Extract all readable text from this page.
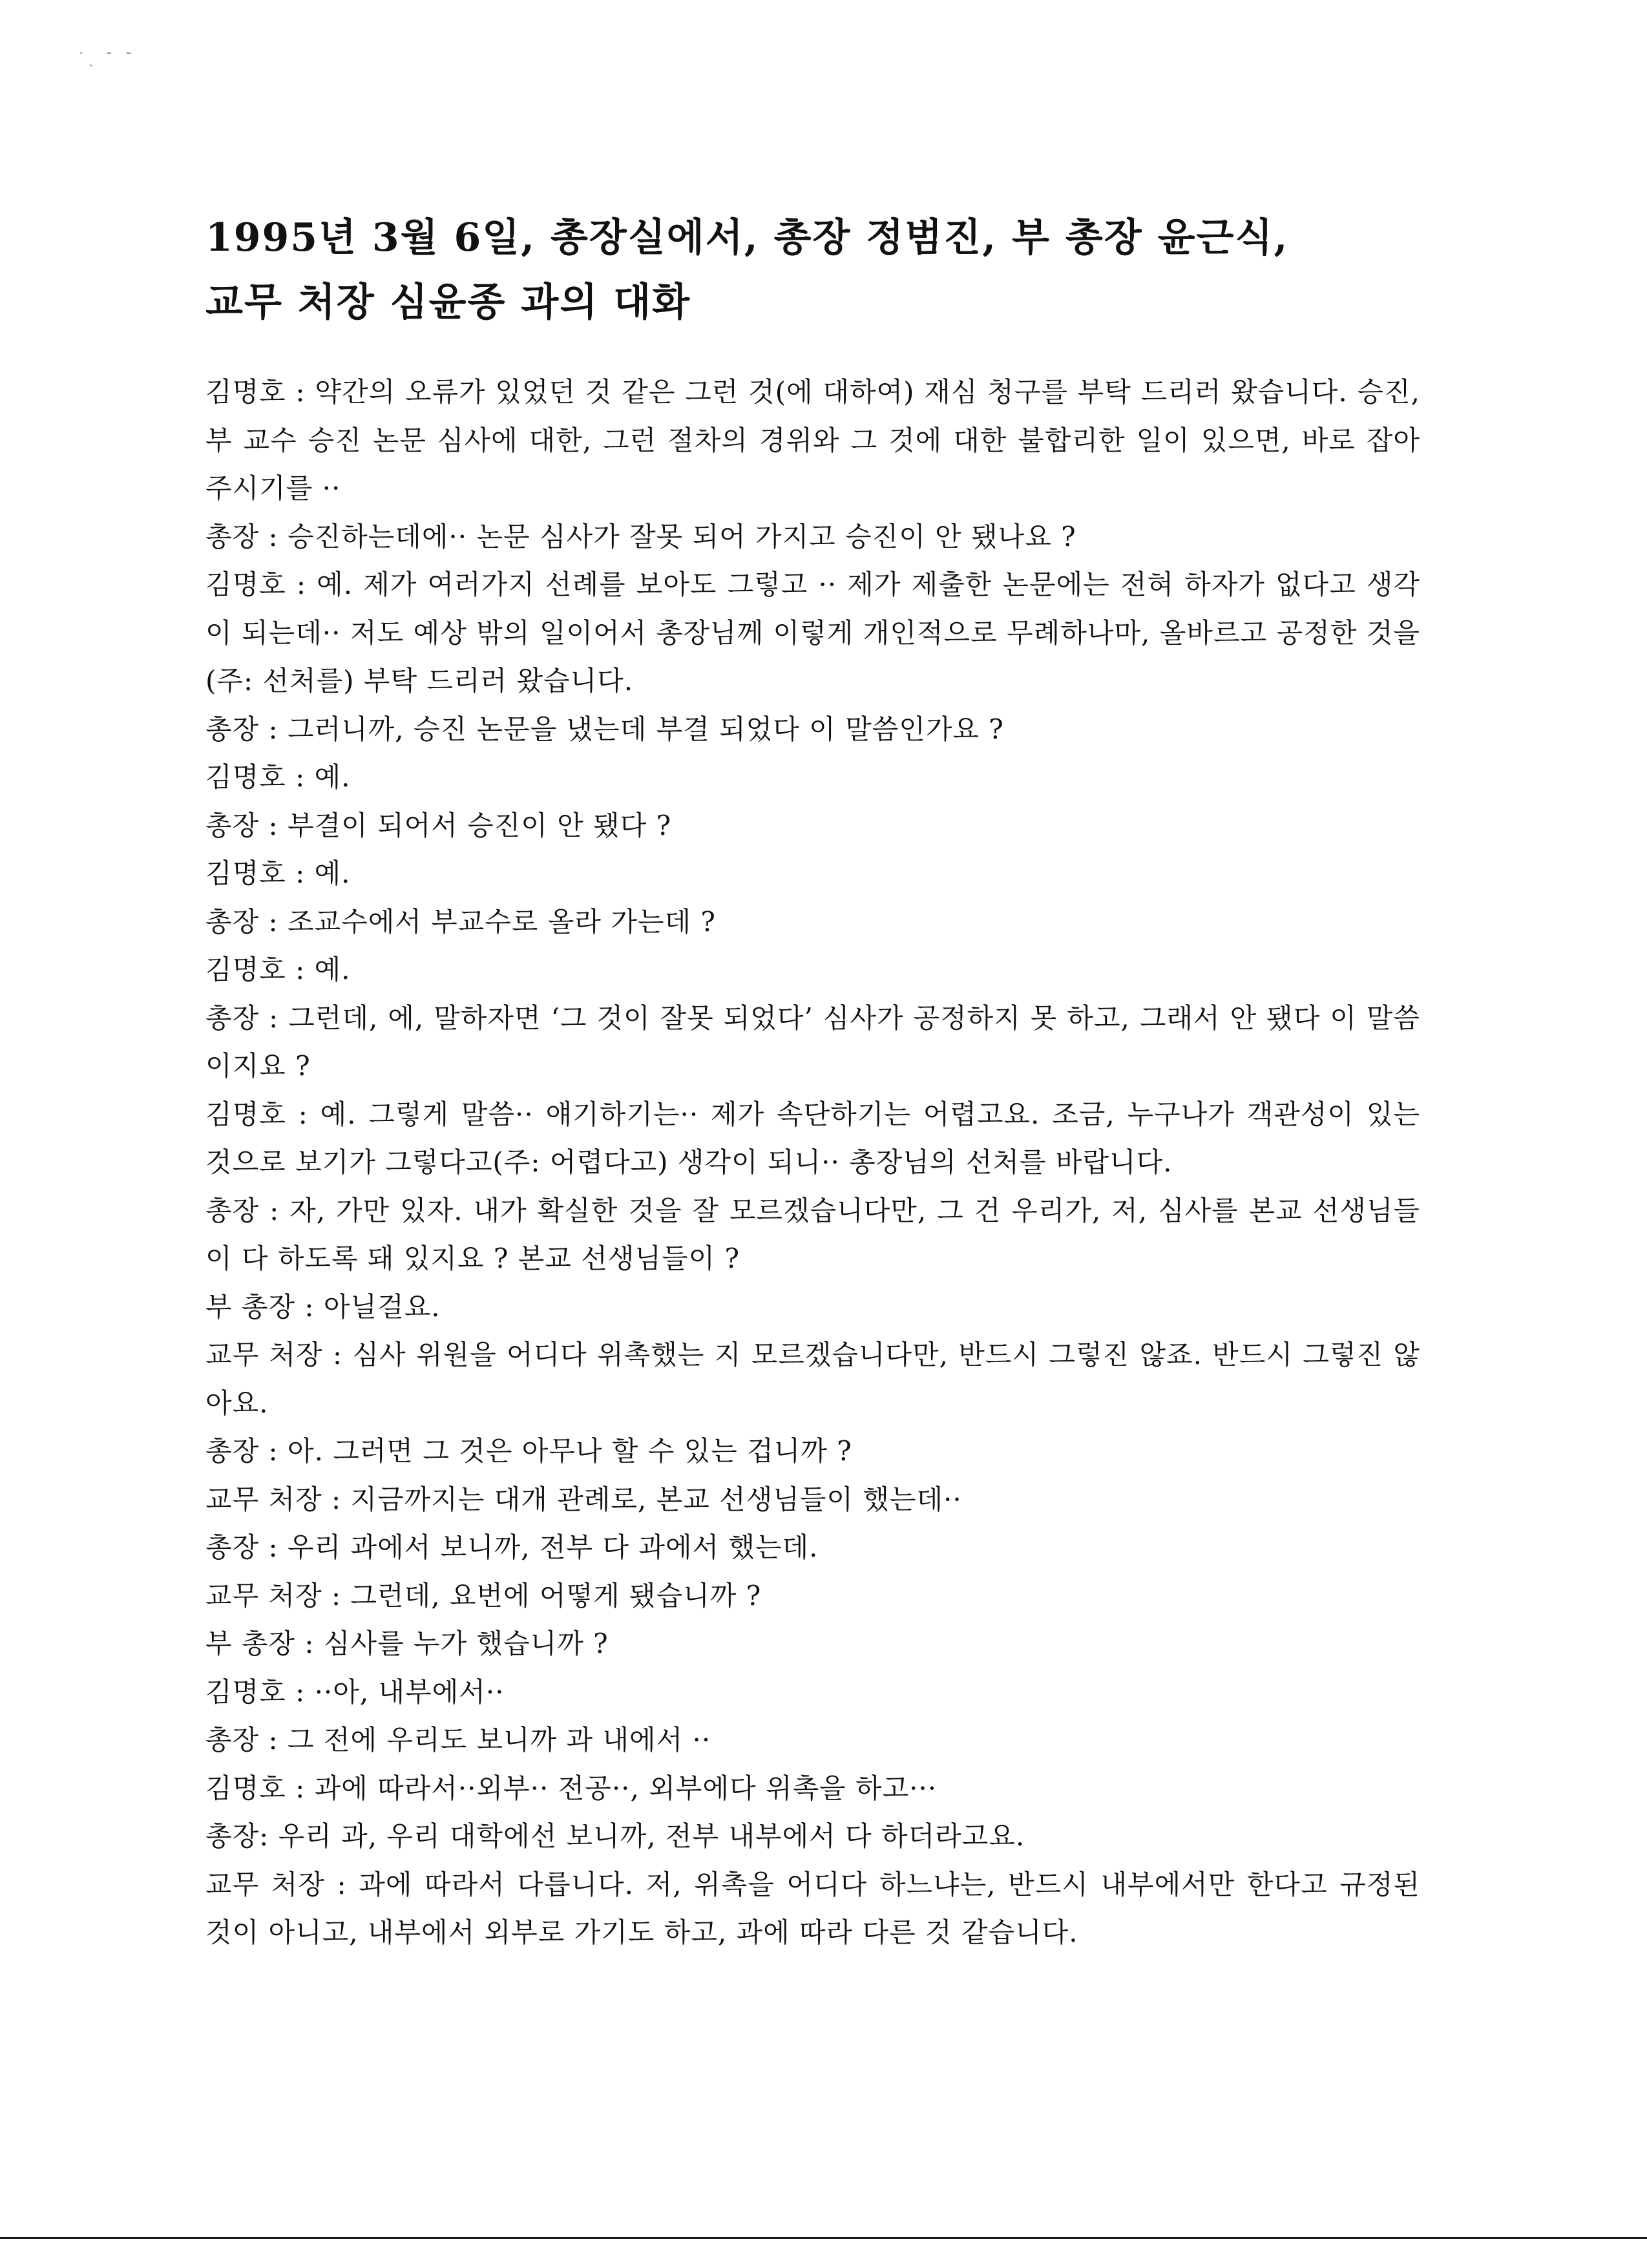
˙ˏ ¯ ˉ
1995년 3월 6일, 총장실에서, 총장 정범진, 부 총장 윤근식,
교무 처장 심윤종 과의 대화

김명호 : 약간의 오류가 있었던 것 같은 그런 것(에 대하여) 재심 청구를 부탁 드리러 왔습니다. 승진, 부 교수 승진 논문 심사에 대한, 그런 절차의 경위와 그 것에 대한 불합리한 일이 있으면, 바로 잡아 주시기를 ··

총장 : 승진하는데에·· 논문 심사가 잘못 되어 가지고 승진이 안 됐나요 ?

김명호 : 예. 제가 여러가지 선례를 보아도 그렇고 ·· 제가 제출한 논문에는 전혀 하자가 없다고 생각이 되는데·· 저도 예상 밖의 일이어서 총장님께 이렇게 개인적으로 무례하나마, 올바르고 공정한 것을(주: 선처를) 부탁 드리러 왔습니다.

총장 : 그러니까, 승진 논문을 냈는데 부결 되었다 이 말씀인가요 ?

김명호 : 예.

총장 : 부결이 되어서 승진이 안 됐다 ?

김명호 : 예.

총장 : 조교수에서 부교수로 올라 가는데 ?

김명호 : 예.

총장 : 그런데, 에, 말하자면 ‘그 것이 잘못 되었다’ 심사가 공정하지 못 하고, 그래서 안 됐다 이 말씀이지요 ?

김명호 : 예. 그렇게 말씀·· 얘기하기는·· 제가 속단하기는 어렵고요. 조금, 누구나가 객관성이 있는 것으로 보기가 그렇다고(주: 어렵다고) 생각이 되니·· 총장님의 선처를 바랍니다.

총장 : 자, 가만 있자. 내가 확실한 것을 잘 모르겠습니다만, 그 건 우리가, 저, 심사를 본교 선생님들이 다 하도록 돼 있지요 ? 본교 선생님들이 ?

부 총장 : 아닐걸요.

교무 처장 : 심사 위원을 어디다 위촉했는 지 모르겠습니다만, 반드시 그렇진 않죠. 반드시 그렇진 않아요.

총장 : 아. 그러면 그 것은 아무나 할 수 있는 겁니까 ?

교무 처장 : 지금까지는 대개 관례로, 본교 선생님들이 했는데··

총장 : 우리 과에서 보니까, 전부 다 과에서 했는데.

교무 처장 : 그런데, 요번에 어떻게 됐습니까 ?

부 총장 : 심사를 누가 했습니까 ?

김명호 : ··아, 내부에서··

총장 : 그 전에 우리도 보니까 과 내에서 ··

김명호 : 과에 따라서··외부·· 전공··, 외부에다 위촉을 하고···

총장: 우리 과, 우리 대학에선 보니까, 전부 내부에서 다 하더라고요.

교무 처장 : 과에 따라서 다릅니다. 저, 위촉을 어디다 하느냐는, 반드시 내부에서만 한다고 규정된 것이 아니고, 내부에서 외부로 가기도 하고, 과에 따라 다른 것 같습니다.
